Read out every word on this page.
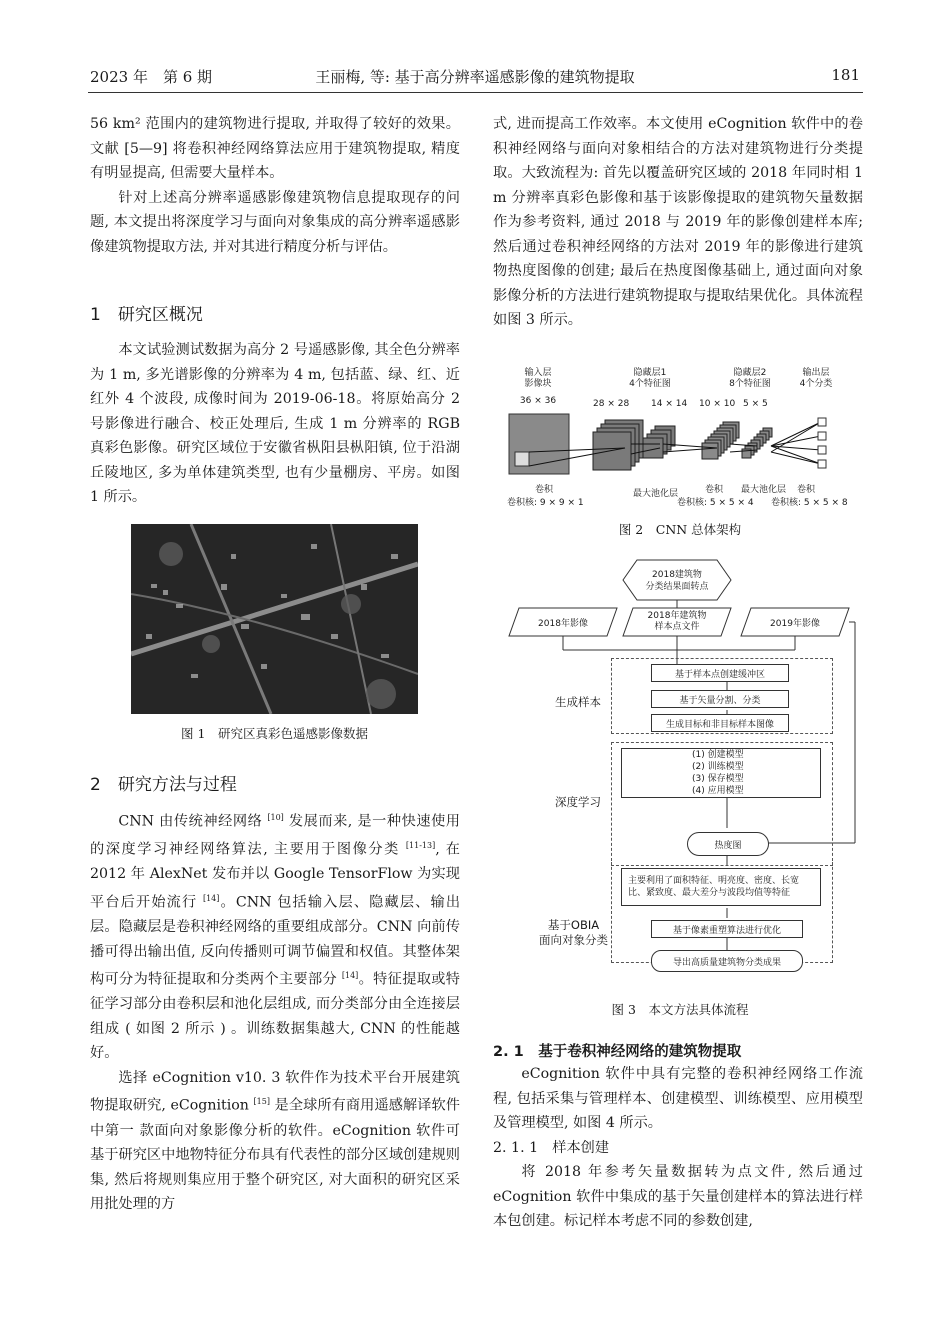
2023 年　第 6 期	王丽梅, 等: 基于高分辨率遥感影像的建筑物提取	181

56 km² 范围内的建筑物进行提取, 并取得了较好的效果。文献 [5—9] 将卷积神经网络算法应用于建筑物提取, 精度有明显提高, 但需要大量样本。

针对上述高分辨率遥感影像建筑物信息提取现存的问题, 本文提出将深度学习与面向对象集成的高分辨率遥感影像建筑物提取方法, 并对其进行精度分析与评估。

1　研究区概况

本文试验测试数据为高分 2 号遥感影像, 其全色分辨率为 1 m, 多光谱影像的分辨率为 4 m, 包括蓝、绿、红、近红外 4 个波段, 成像时间为 2019-06-18。将原始高分 2 号影像进行融合、校正处理后, 生成 1 m 分辨率的 RGB 真彩色影像。研究区域位于安徽省枞阳县枞阳镇, 位于沿湖丘陵地区, 多为单体建筑类型, 也有少量棚房、平房。如图 1 所示。

图 1　研究区真彩色遥感影像数据
2　研究方法与过程

CNN 由传统神经网络 [10] 发展而来, 是一种快速使用的深度学习神经网络算法, 主要用于图像分类 [11-13], 在 2012 年 AlexNet 发布并以 Google TensorFlow 为实现平台后开始流行 [14]。CNN 包括输入层、隐藏层、输出层。隐藏层是卷积神经网络的重要组成部分。CNN 向前传播可得出输出值, 反向传播则可调节偏置和权值。其整体架构可分为特征提取和分类两个主要部分 [14]。特征提取或特征学习部分由卷积层和池化层组成, 而分类部分由全连接层组成 ( 如图 2 所示 ) 。训练数据集越大, CNN 的性能越好。

选择 eCognition v10. 3 软件作为技术平台开展建筑物提取研究, eCognition [15] 是全球所有商用遥感解译软件中第一 款面向对象影像分析的软件。eCognition 软件可基于研究区中地物特征分布具有代表性的部分区域创建规则集, 然后将规则集应用于整个研究区, 对大面积的研究区采用批处理的方

式, 进而提高工作效率。本文使用 eCognition 软件中的卷积神经网络与面向对象相结合的方法对建筑物进行分类提取。大致流程为: 首先以覆盖研究区域的 2018 年同时相 1 m 分辨率真彩色影像和基于该影像提取的建筑物矢量数据作为参考资料, 通过 2018 与 2019 年的影像创建样本库; 然后通过卷积神经网络的方法对 2019 年的影像进行建筑物热度图像的创建; 最后在热度图像基础上, 通过面向对象影像分析的方法进行建筑物提取与提取结果优化。具体流程如图 3 所示。

输入层
影像块
36 × 36
隐藏层1
4个特征图
28 × 28 14 × 14
隐藏层2
8个特征图
10 × 10 5 × 5
输出层
4个分类
卷积
卷积核: 9 × 9 × 1
最大池化层	卷积
卷积核: 5 × 5 × 4
最大池化层 卷积
卷积核: 5 × 5 × 8
图 2　CNN 总体架构
2018建筑物
分类结果面转点
2018年影像
2018年建筑物
样本点文件	2019年影像
基于样本点创建缓冲区
基于矢量分割、分类
生成目标和非目标样本图像
生成样本
(1) 创建模型
(2) 训练模型
(3) 保存模型
(4) 应用模型
热度图
深度学习
主要利用了面积特征、明亮度、密度、长宽比、紧致度、最大差分与波段均值等特征
基于像素重塑算法进行优化
导出高质量建筑物分类成果
基于OBIA
面向对象分类
图 3　本文方法具体流程
2. 1　基于卷积神经网络的建筑物提取

eCognition 软件中具有完整的卷积神经网络工作流程, 包括采集与管理样本、创建模型、训练模型、应用模型及管理模型, 如图 4 所示。

2. 1. 1　样本创建

将 2018 年参考矢量数据转为点文件, 然后通过 eCognition 软件中集成的基于矢量创建样本的算法进行样本包创建。标记样本考虑不同的参数创建,
